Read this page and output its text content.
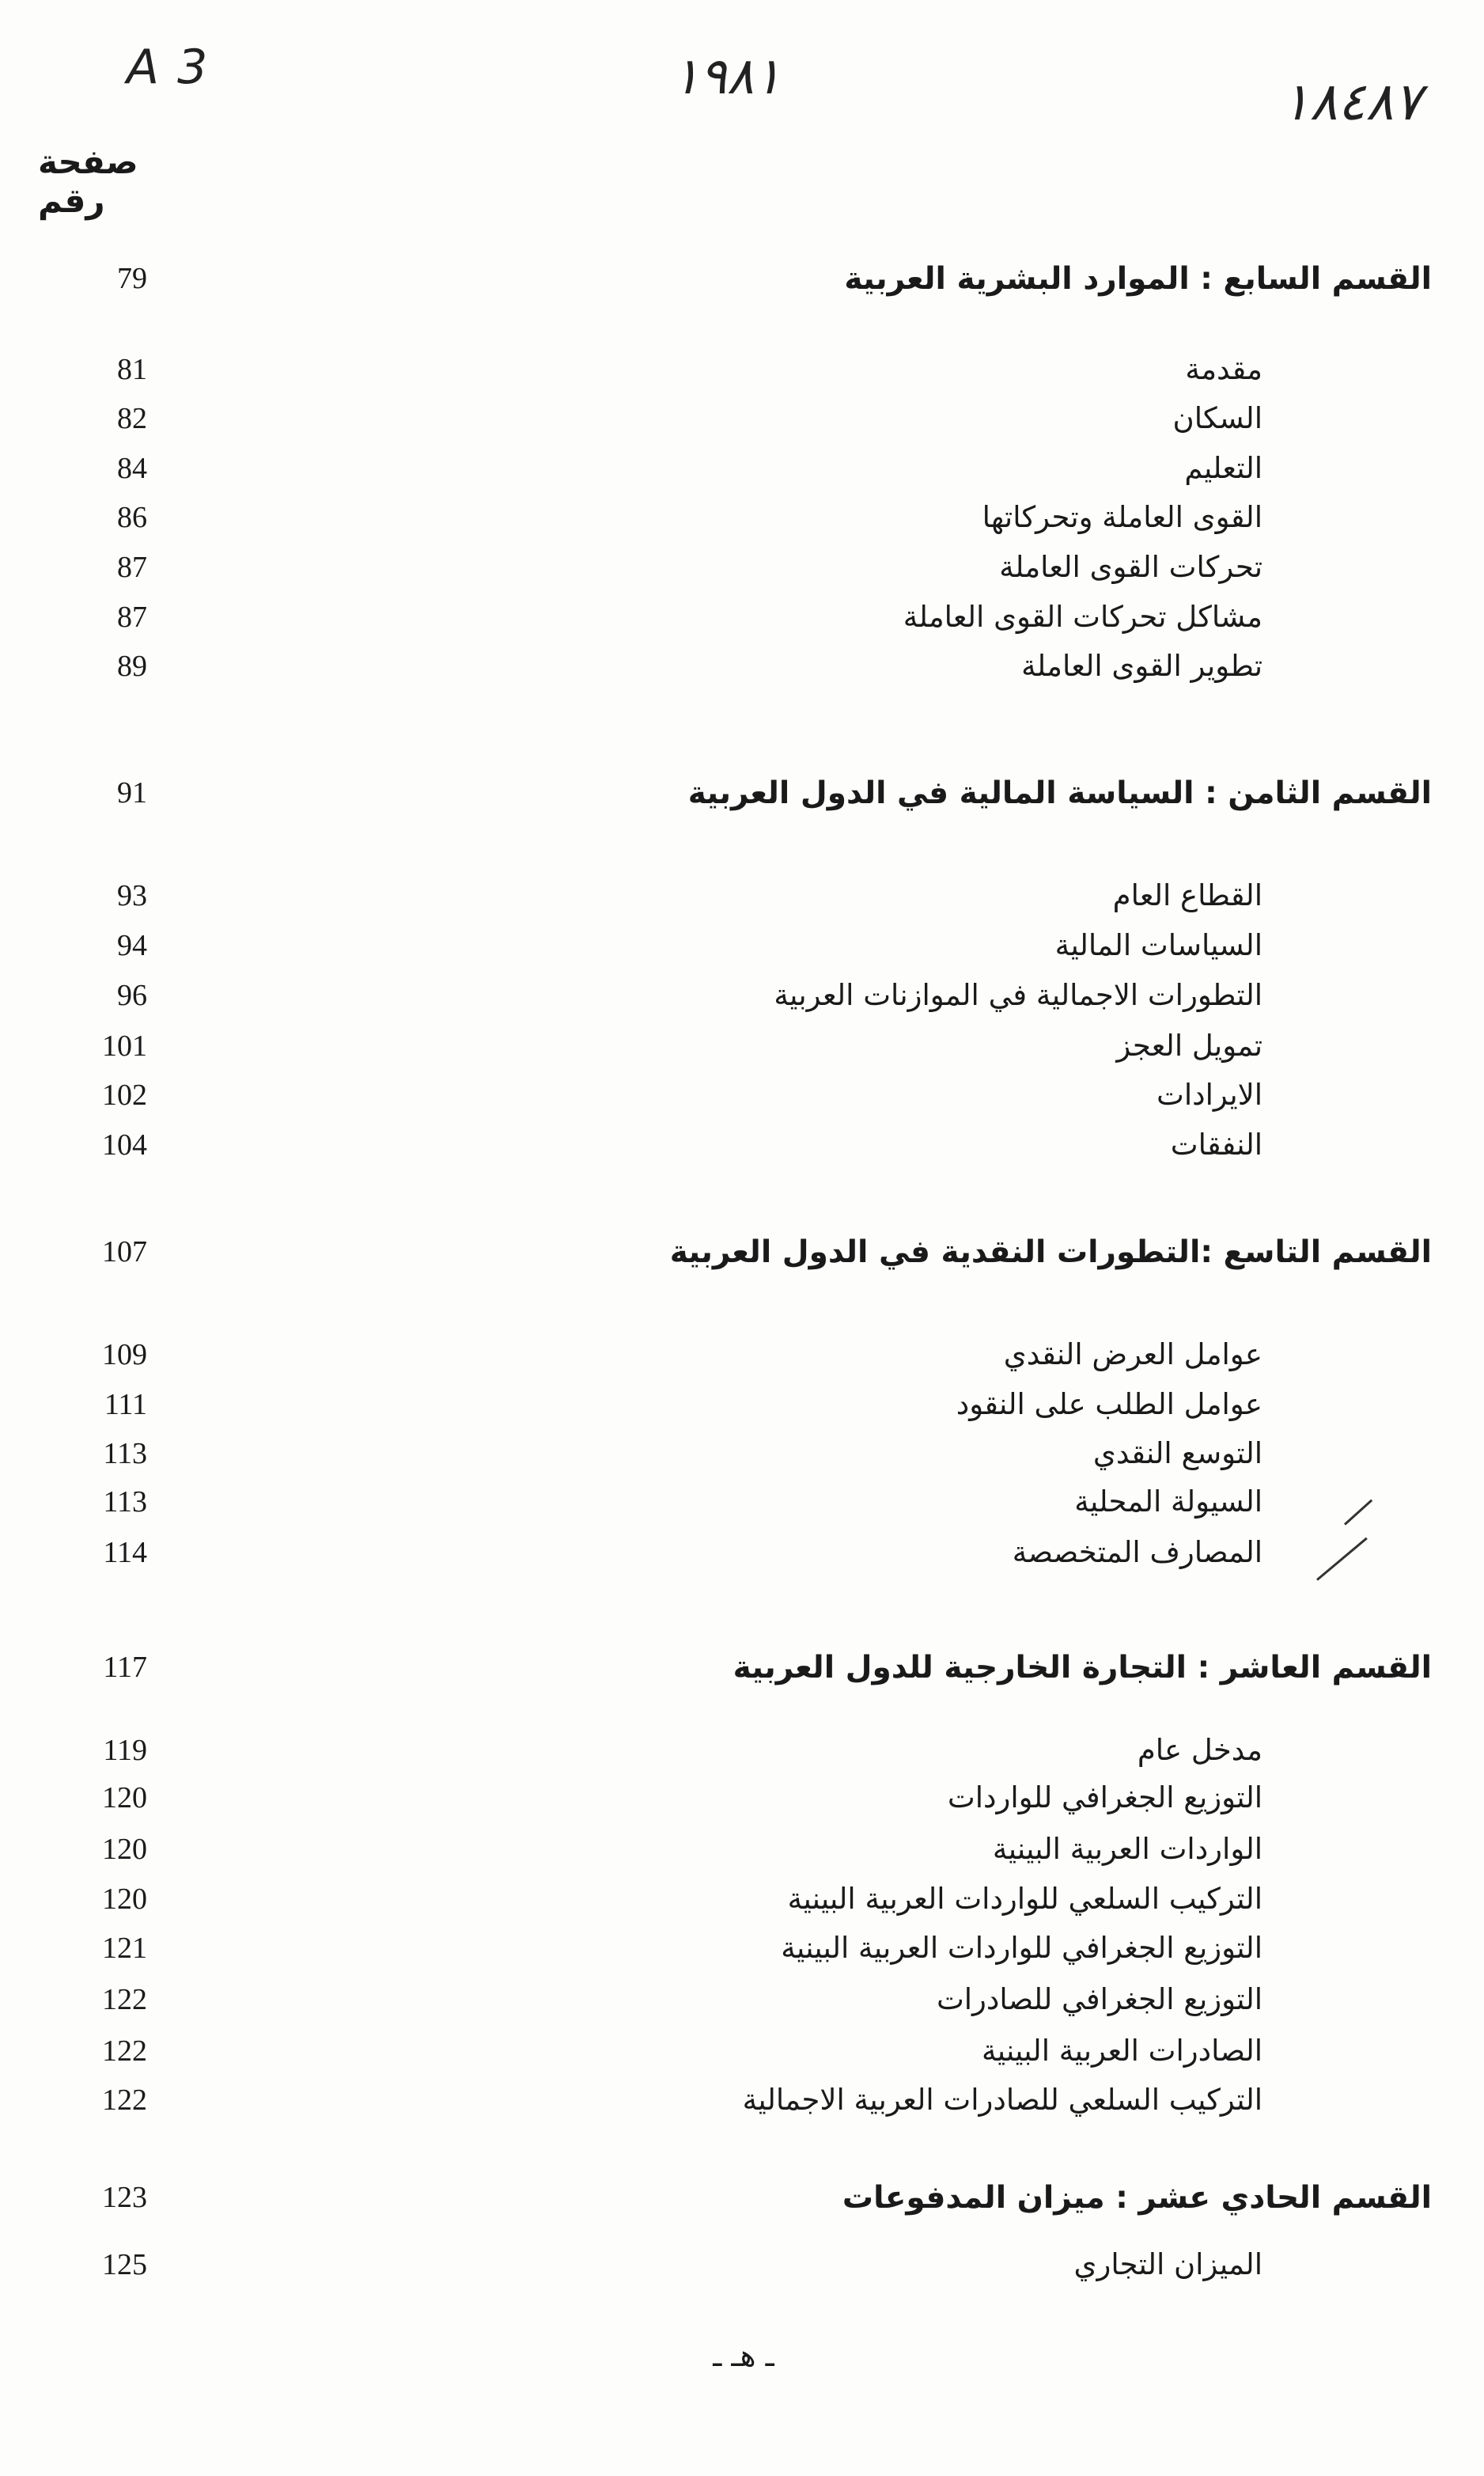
A 3	١٩٨١	١٨٤٨٧
صفحة رقم
79	القسم السابع : الموارد البشرية العربية
81	مقدمة
82	السكان
84	التعليم
86	القوى العاملة وتحركاتها
87	تحركات القوى العاملة
87	مشاكل تحركات القوى العاملة
89	تطوير القوى العاملة
91	القسم الثامن : السياسة المالية في الدول العربية
93	القطاع العام
94	السياسات المالية
96	التطورات الاجمالية في الموازنات العربية
101	تمويل العجز
102	الايرادات
104	النفقات
107	القسم التاسع :التطورات النقدية في الدول العربية
109	عوامل العرض النقدي
111	عوامل الطلب على النقود
113	التوسع النقدي
113	السيولة المحلية
114	المصارف المتخصصة
117	القسم العاشر : التجارة الخارجية للدول العربية
119	مدخل عام
120	التوزيع الجغرافي للواردات
120	الواردات العربية البينية
120	التركيب السلعي للواردات العربية البينية
121	التوزيع الجغرافي للواردات العربية البينية
122	التوزيع الجغرافي للصادرات
122	الصادرات العربية البينية
122	التركيب السلعي للصادرات العربية الاجمالية
123	القسم الحادي عشر : ميزان المدفوعات
125	الميزان التجاري
ـ هـ ـ
